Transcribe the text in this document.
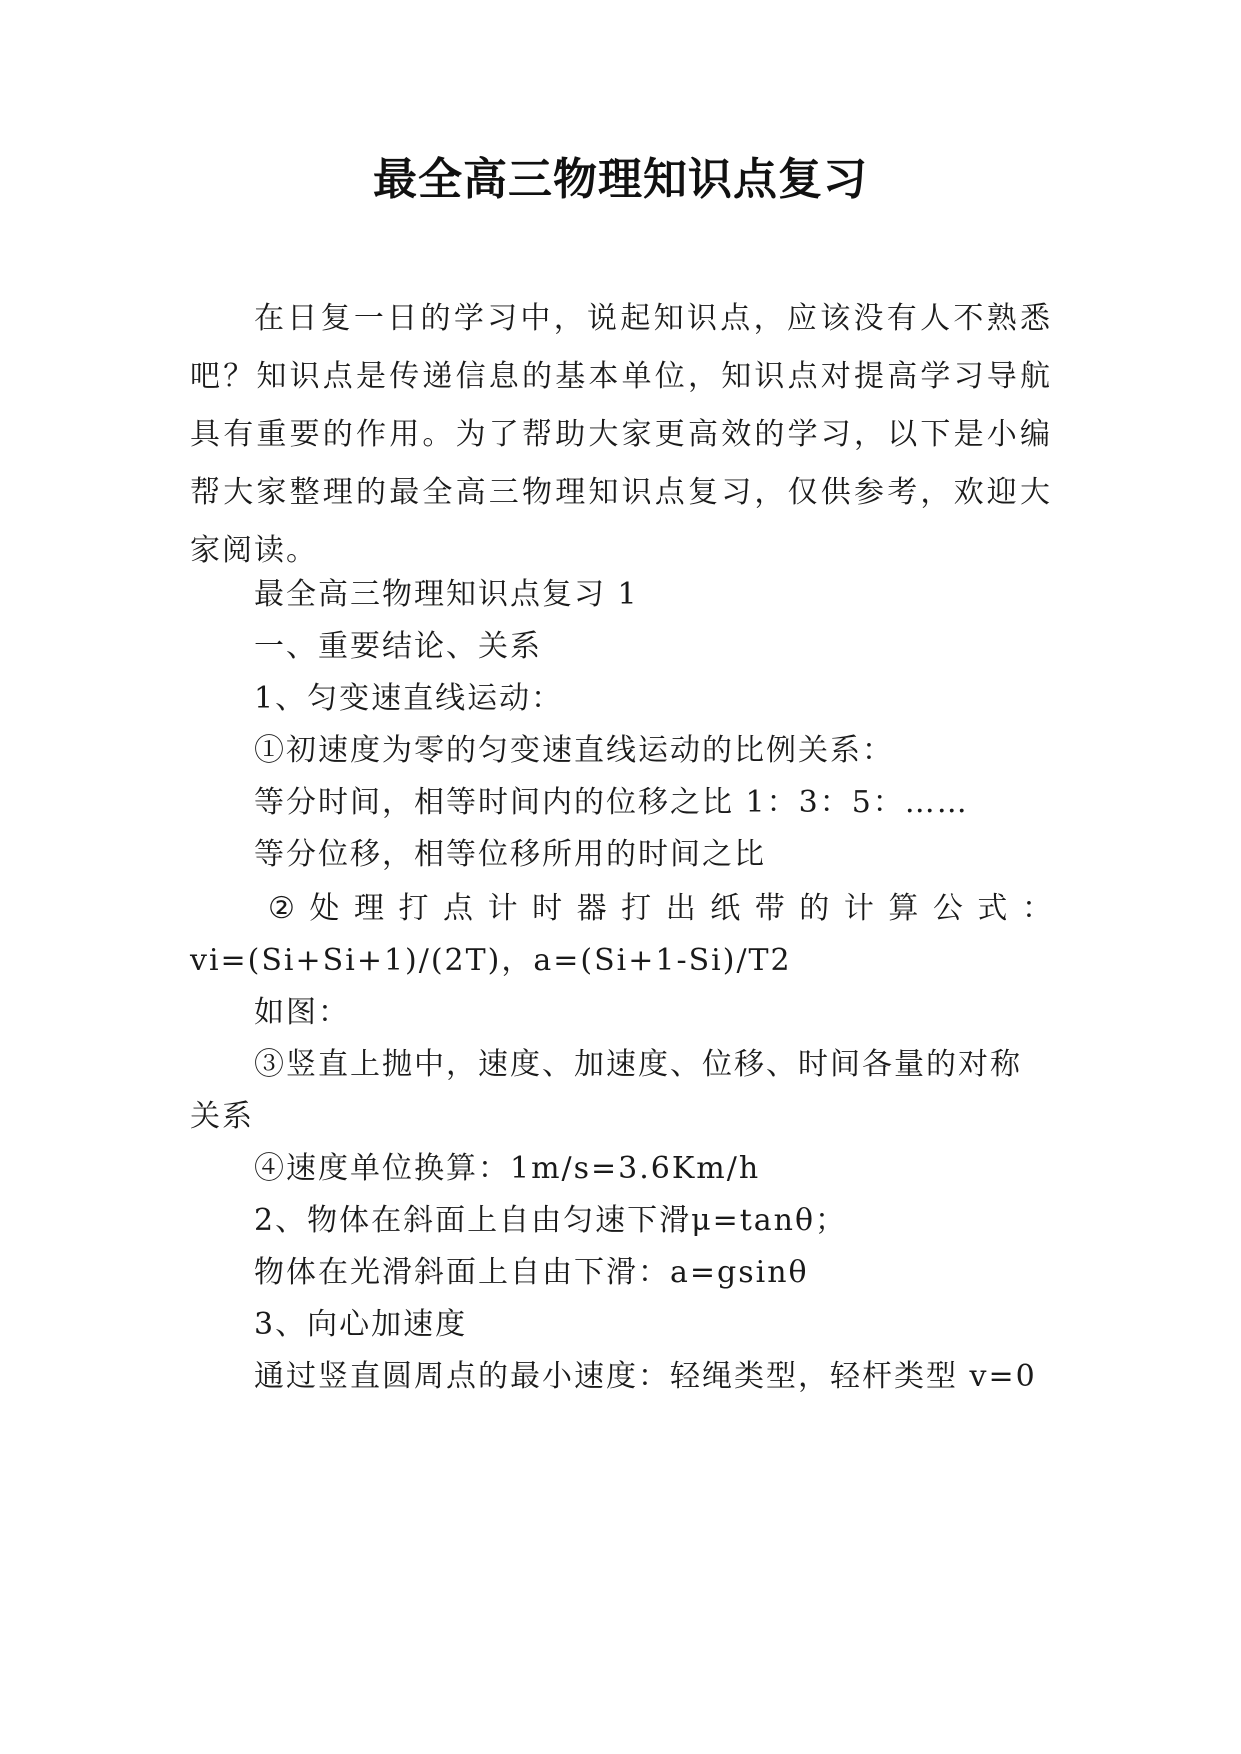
最全高三物理知识点复习

在日复一日的学习中，说起知识点，应该没有人不熟悉吧？知识点是传递信息的基本单位，知识点对提高学习导航具有重要的作用。为了帮助大家更高效的学习，以下是小编帮大家整理的最全高三物理知识点复习，仅供参考，欢迎大家阅读。

最全高三物理知识点复习 1

一、重要结论、关系

1、匀变速直线运动：

①初速度为零的匀变速直线运动的比例关系：

等分时间，相等时间内的位移之比 1：3：5：……

等分位移，相等位移所用的时间之比

② 处 理 打 点 计 时 器 打 出 纸 带 的 计 算 公 式 ：

vi=(Si+Si+1)/(2T)，a=(Si+1-Si)/T2

如图：

③竖直上抛中，速度、加速度、位移、时间各量的对称

关系

④速度单位换算：1m/s=3.6Km/h

2、物体在斜面上自由匀速下滑μ=tanθ；

物体在光滑斜面上自由下滑：a=gsinθ

3、向心加速度

通过竖直圆周点的最小速度：轻绳类型，轻杆类型 v=0
